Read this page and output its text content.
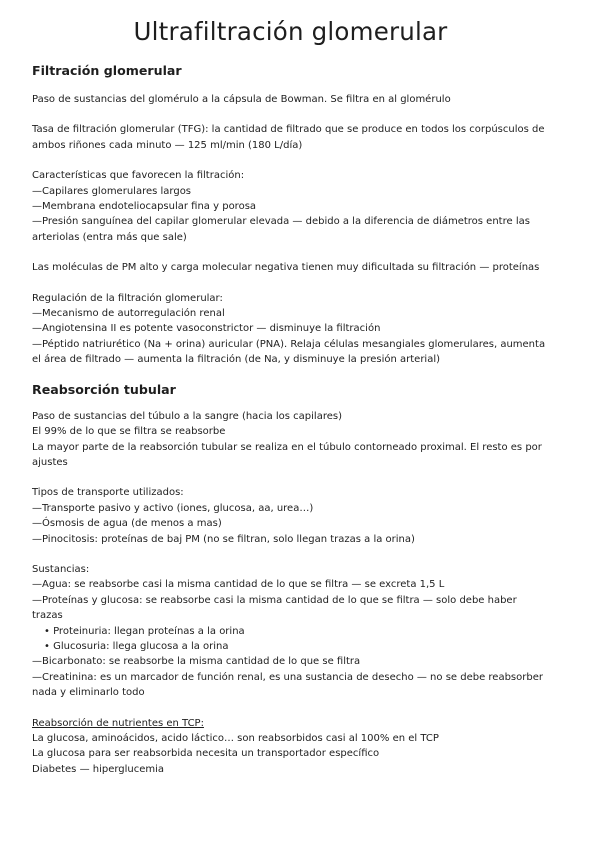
Ultrafiltración glomerular
Filtración glomerular

Paso de sustancias del glomérulo a la cápsula de Bowman. Se filtra en al glomérulo

Tasa de filtración glomerular (TFG): la cantidad de filtrado que se produce en todos los corpúsculos de ambos riñones cada minuto — 125 ml/min (180 L/día)

Características que favorecen la filtración:

—Capilares glomerulares largos

—Membrana endoteliocapsular fina y porosa

—Presión sanguínea del capilar glomerular elevada — debido a la diferencia de diámetros entre las arteriolas (entra más que sale)

Las moléculas de PM alto y carga molecular negativa tienen muy dificultada su filtración — proteínas

Regulación de la filtración glomerular:

—Mecanismo de autorregulación renal

—Angiotensina II es potente vasoconstrictor — disminuye la filtración

—Péptido natriurético (Na + orina) auricular (PNA). Relaja células mesangiales glomerulares, aumenta el área de filtrado — aumenta la filtración (de Na, y disminuye la presión arterial)

Reabsorción tubular

Paso de sustancias del túbulo a la sangre (hacia los capilares)

El 99% de lo que se filtra se reabsorbe

La mayor parte de la reabsorción tubular se realiza en el túbulo contorneado proximal. El resto es por ajustes

Tipos de transporte utilizados:

—Transporte pasivo y activo (iones, glucosa, aa, urea…)

—Ósmosis de agua (de menos a mas)

—Pinocitosis: proteínas de baj PM (no se filtran, solo llegan trazas a la orina)

Sustancias:

—Agua: se reabsorbe casi la misma cantidad de lo que se filtra — se excreta 1,5 L

—Proteínas y glucosa: se reabsorbe casi la misma cantidad de lo que se filtra — solo debe haber trazas

• Proteinuria: llegan proteínas a la orina

• Glucosuria: llega glucosa a la orina

—Bicarbonato: se reabsorbe la misma cantidad de lo que se filtra

—Creatinina: es un marcador de función renal, es una sustancia de desecho — no se debe reabsorber nada y eliminarlo todo

Reabsorción de nutrientes en TCP:

La glucosa, aminoácidos, acido láctico… son reabsorbidos casi al 100% en el TCP

La glucosa para ser reabsorbida necesita un transportador específico

Diabetes — hiperglucemia
